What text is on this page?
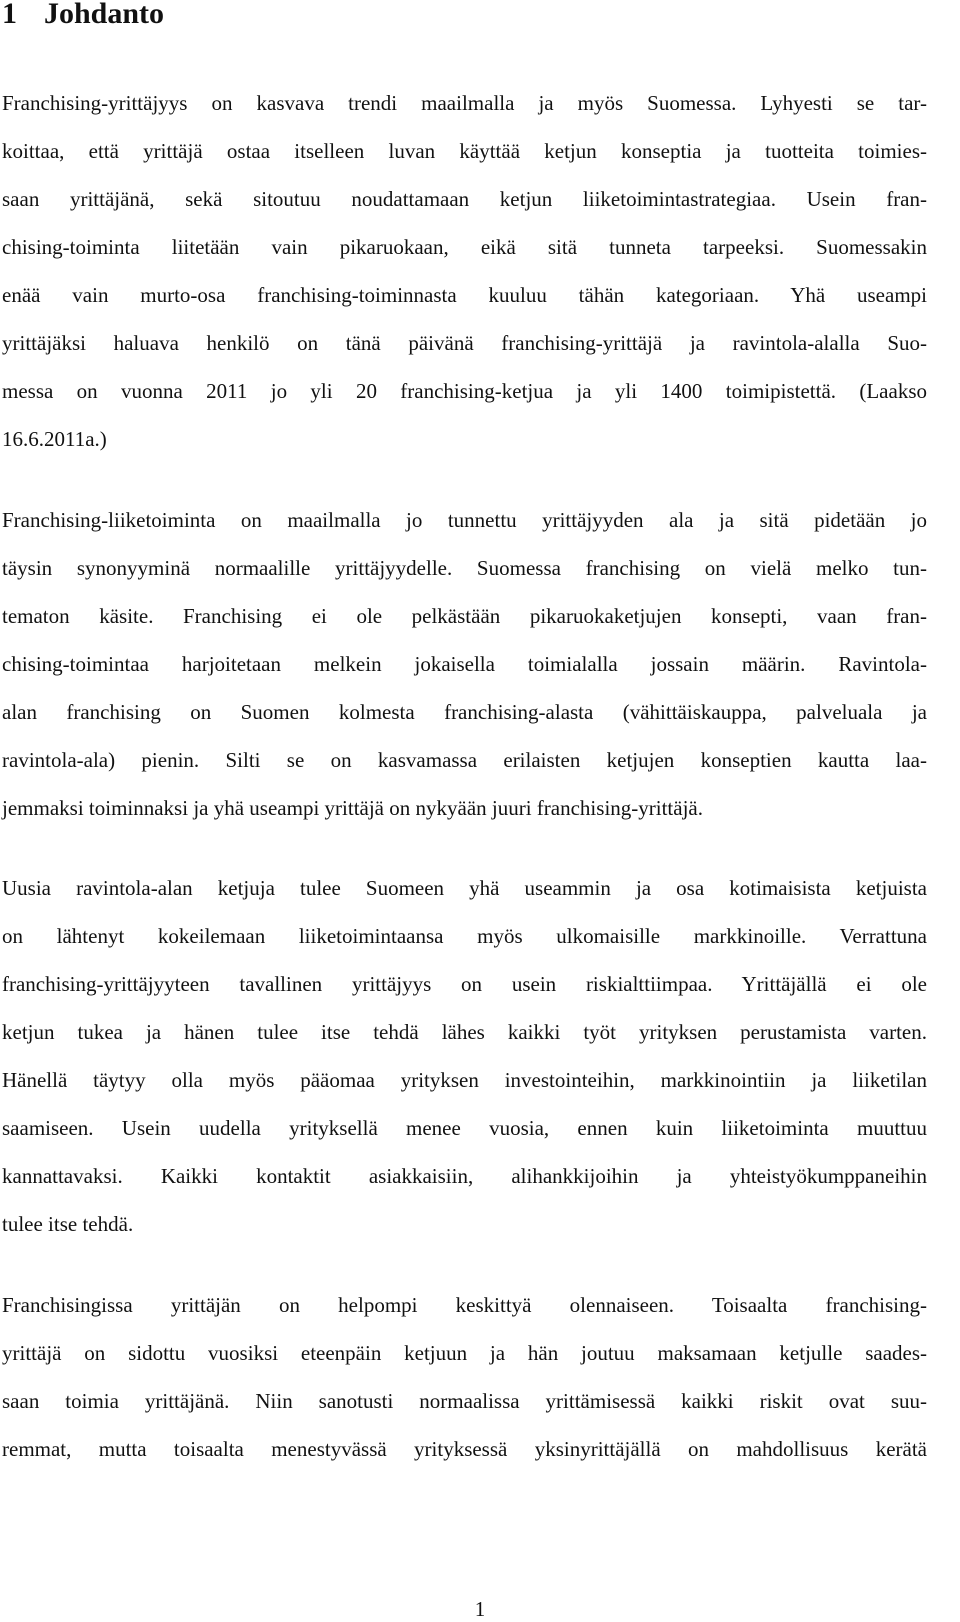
1 Johdanto
Franchising-yrittäjyys on kasvava trendi maailmalla ja myös Suomessa. Lyhyesti se tar-
koittaa, että yrittäjä ostaa itselleen luvan käyttää ketjun konseptia ja tuotteita toimies-
saan yrittäjänä, sekä sitoutuu noudattamaan ketjun liiketoimintastrategiaa. Usein fran-
chising-toiminta liitetään vain pikaruokaan, eikä sitä tunneta tarpeeksi. Suomessakin
enää vain murto-osa franchising-toiminnasta kuuluu tähän kategoriaan. Yhä useampi
yrittäjäksi haluava henkilö on tänä päivänä franchising-yrittäjä ja ravintola-alalla Suo-
messa on vuonna 2011 jo yli 20 franchising-ketjua ja yli 1400 toimipistettä. (Laakso
16.6.2011a.)
Franchising-liiketoiminta on maailmalla jo tunnettu yrittäjyyden ala ja sitä pidetään jo
täysin synonyyminä normaalille yrittäjyydelle. Suomessa franchising on vielä melko tun-
tematon käsite. Franchising ei ole pelkästään pikaruokaketjujen konsepti, vaan fran-
chising-toimintaa harjoitetaan melkein jokaisella toimialalla jossain määrin. Ravintola-
alan franchising on Suomen kolmesta franchising-alasta (vähittäiskauppa, palveluala ja
ravintola-ala) pienin. Silti se on kasvamassa erilaisten ketjujen konseptien kautta laa-
jemmaksi toiminnaksi ja yhä useampi yrittäjä on nykyään juuri franchising-yrittäjä.
Uusia ravintola-alan ketjuja tulee Suomeen yhä useammin ja osa kotimaisista ketjuista
on lähtenyt kokeilemaan liiketoimintaansa myös ulkomaisille markkinoille. Verrattuna
franchising-yrittäjyyteen tavallinen yrittäjyys on usein riskialttiimpaa. Yrittäjällä ei ole
ketjun tukea ja hänen tulee itse tehdä lähes kaikki työt yrityksen perustamista varten.
Hänellä täytyy olla myös pääomaa yrityksen investointeihin, markkinointiin ja liiketilan
saamiseen. Usein uudella yrityksellä menee vuosia, ennen kuin liiketoiminta muuttuu
kannattavaksi. Kaikki kontaktit asiakkaisiin, alihankkijoihin ja yhteistyökumppaneihin
tulee itse tehdä.
Franchisingissa yrittäjän on helpompi keskittyä olennaiseen. Toisaalta franchising-
yrittäjä on sidottu vuosiksi eteenpäin ketjuun ja hän joutuu maksamaan ketjulle saades-
saan toimia yrittäjänä. Niin sanotusti normaalissa yrittämisessä kaikki riskit ovat suu-
remmat, mutta toisaalta menestyvässä yrityksessä yksinyrittäjällä on mahdollisuus kerätä
1
